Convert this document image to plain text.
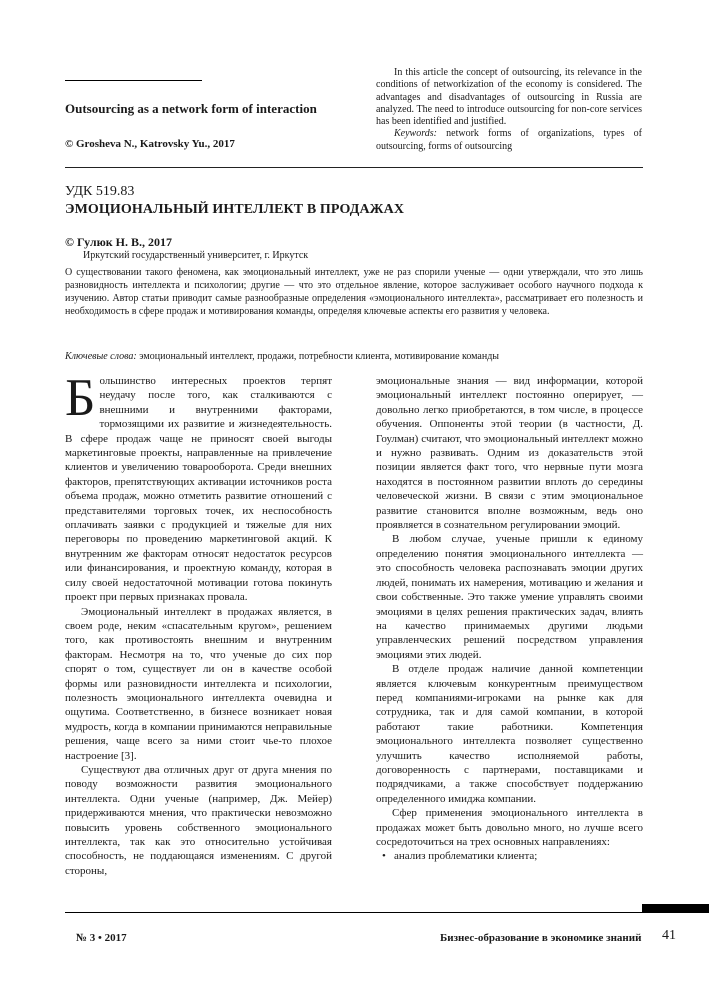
Outsourcing as a network form of interaction
© Grosheva N., Katrovsky Yu., 2017

In this article the concept of outsourcing, its relevance in the conditions of networkization of the economy is considered. The advantages and disadvantages of outsourcing in Russia are analyzed. The need to introduce outsourcing for non-core services has been identified and justified.

Keywords: network forms of organizations, types of outsourcing, forms of outsourcing

УДК 519.83
ЭМОЦИОНАЛЬНЫЙ ИНТЕЛЛЕКТ В ПРОДАЖАХ
© Гулюк Н. В., 2017
Иркутский государственный университет, г. Иркутск
О существовании такого феномена, как эмоциональный интеллект, уже не раз спорили ученые — одни утверждали, что это лишь разновидность интеллекта и психологии; другие — что это отдельное явление, которое заслуживает особого научного подхода к изучению. Автор статьи приводит самые разнообразные определения «эмоционального интеллекта», рассматривает его полезность и необходимость в сфере продаж и мотивирования команды, определяя ключевые аспекты его развития у человека.
Ключевые слова: эмоциональный интеллект, продажи, потребности клиента, мотивирование команды

Большинство интересных проектов терпят неудачу после того, как сталкиваются с внешними и внутренними факторами, тормозящими их развитие и жизнедеятельность. В сфере продаж чаще не приносят своей выгоды маркетинговые проекты, направленные на привлечение клиентов и увеличению товарооборота. Среди внешних факторов, препятствующих активации источников роста объема продаж, можно отметить развитие отношений с представителями торговых точек, их неспособность оплачивать заявки с продукцией и тяжелые для них переговоры по проведению маркетинговой акций. К внутренним же факторам относят недостаток ресурсов или финансирования, и проектную команду, которая в силу своей недостаточной мотивации готова покинуть проект при первых признаках провала.

Эмоциональный интеллект в продажах является, в своем роде, неким «спасательным кругом», решением того, как противостоять внешним и внутренним факторам. Несмотря на то, что ученые до сих пор спорят о том, существует ли он в качестве особой формы или разновидности интеллекта и психологии, полезность эмоционального интеллекта очевидна и ощутима. Соответственно, в бизнесе возникает новая мудрость, когда в компании принимаются неправильные решения, чаще всего за ними стоит чье-то плохое настроение [3].

Существуют два отличных друг от друга мнения по поводу возможности развития эмоционального интеллекта. Одни ученые (например, Дж. Мейер) придерживаются мнения, что практически невозможно повысить уровень собственного эмоционального интеллекта, так как это относительно устойчивая способность, не поддающаяся изменениям. С другой стороны,

эмоциональные знания — вид информации, которой эмоциональный интеллект постоянно оперирует, — довольно легко приобретаются, в том числе, в процессе обучения. Оппоненты этой теории (в частности, Д. Гоулман) считают, что эмоциональный интеллект можно и нужно развивать. Одним из доказательств этой позиции является факт того, что нервные пути мозга находятся в постоянном развитии вплоть до середины человеческой жизни. В связи с этим эмоциональное развитие становится вполне возможным, ведь оно проявляется в сознательном регулировании эмоций.

В любом случае, ученые пришли к единому определению понятия эмоционального интеллекта — это способность человека распознавать эмоции других людей, понимать их намерения, мотивацию и желания и свои собственные. Это также умение управлять своими эмоциями в целях решения практических задач, влиять на качество принимаемых другими людьми управленческих решений посредством управления эмоциями этих людей.

В отделе продаж наличие данной компетенции является ключевым конкурентным преимуществом перед компаниями-игроками на рынке как для сотрудника, так и для самой компании, в которой работают такие работники. Компетенция эмоционального интеллекта позволяет существенно улучшить качество исполняемой работы, договоренность с партнерами, поставщиками и подрядчиками, а также способствует поддержанию определенного имиджа компании.

Сфер применения эмоционального интеллекта в продажах может быть довольно много, но лучше всего сосредоточиться на трех основных направлениях:

• анализ проблематики клиента;

№ 3 • 2017	Бизнес-образование в экономике знаний 41
